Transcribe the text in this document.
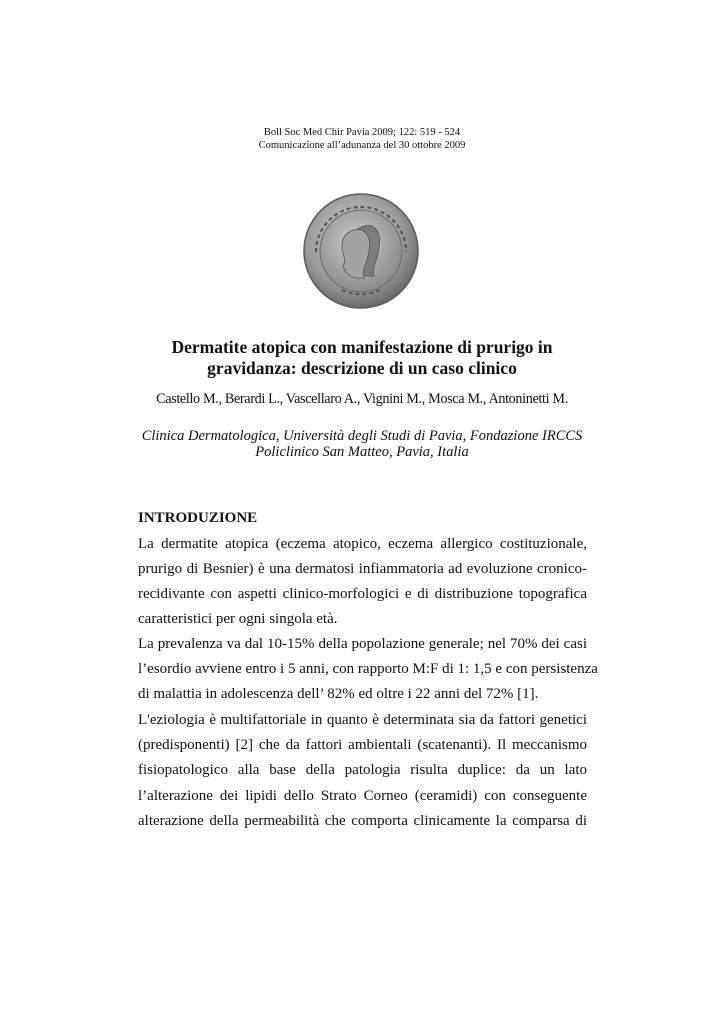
Boll Soc Med Chir Pavia 2009; 122: 519 - 524
Comunicazione all’adunanza del 30 ottobre 2009
Dermatite atopica con manifestazione di prurigo in
gravidanza: descrizione di un caso clinico
Castello M., Berardi L., Vascellaro A., Vignini M., Mosca M., Antoninetti M.
Clinica Dermatologica, Università degli Studi di Pavia, Fondazione IRCCS
Policlinico San Matteo, Pavia, Italia
INTRODUZIONE
La dermatite atopica (eczema atopico, eczema allergico costituzionale,
prurigo di Besnier) è una dermatosi infiammatoria ad evoluzione cronico-
recidivante con aspetti clinico-morfologici e di distribuzione topografica
caratteristici per ogni singola età.
La prevalenza va dal 10-15% della popolazione generale; nel 70% dei casi
l’esordio avviene entro i 5 anni, con rapporto M:F di 1: 1,5 e con persistenza
di malattia in adolescenza dell’ 82% ed oltre i 22 anni del 72% [1].
L'eziologia è multifattoriale in quanto è determinata sia da fattori genetici
(predisponenti) [2] che da fattori ambientali (scatenanti). Il meccanismo
fisiopatologico alla base della patologia risulta duplice: da un lato
l’alterazione dei lipidi dello Strato Corneo (ceramidi) con conseguente
alterazione della permeabilità che comporta clinicamente la comparsa di
